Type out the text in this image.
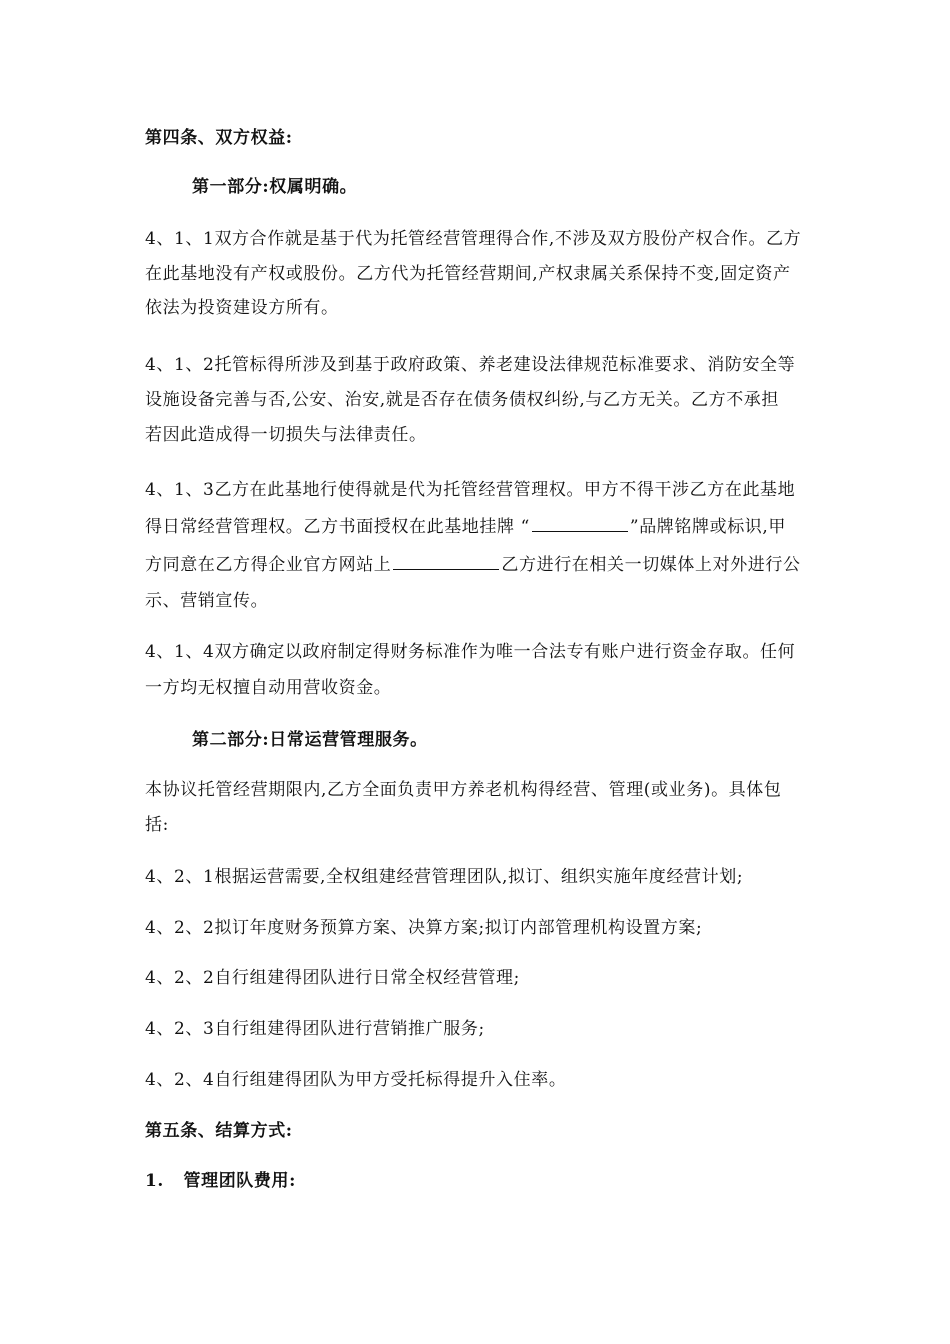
第四条、双方权益:

第一部分:权属明确。

4、1、1双方合作就是基于代为托管经营管理得合作,不涉及双方股份产权合作。乙方

在此基地没有产权或股份。乙方代为托管经营期间,产权隶属关系保持不变,固定资产

依法为投资建设方所有。

4、1、2托管标得所涉及到基于政府政策、养老建设法律规范标准要求、消防安全等

设施设备完善与否,公安、治安,就是否存在债务债权纠纷,与乙方无关。乙方不承担

若因此造成得一切损失与法律责任。

4、1、3乙方在此基地行使得就是代为托管经营管理权。甲方不得干涉乙方在此基地

得日常经营管理权。乙方书面授权在此基地挂牌 “	”品牌铭牌或标识,甲

方同意在乙方得企业官方网站上	乙方进行在相关一切媒体上对外进行公

示、营销宣传。

4、1、4双方确定以政府制定得财务标准作为唯一合法专有账户进行资金存取。任何

一方均无权擅自动用营收资金。

第二部分:日常运营管理服务。

本协议托管经营期限内,乙方全面负责甲方养老机构得经营、管理(或业务)。具体包

括:

4、2、1根据运营需要,全权组建经营管理团队,拟订、组织实施年度经营计划;

4、2、2拟订年度财务预算方案、决算方案;拟订内部管理机构设置方案;

4、2、2自行组建得团队进行日常全权经营管理;

4、2、3自行组建得团队进行营销推广服务;

4、2、4自行组建得团队为甲方受托标得提升入住率。

第五条、结算方式:

1.   管理团队费用:
